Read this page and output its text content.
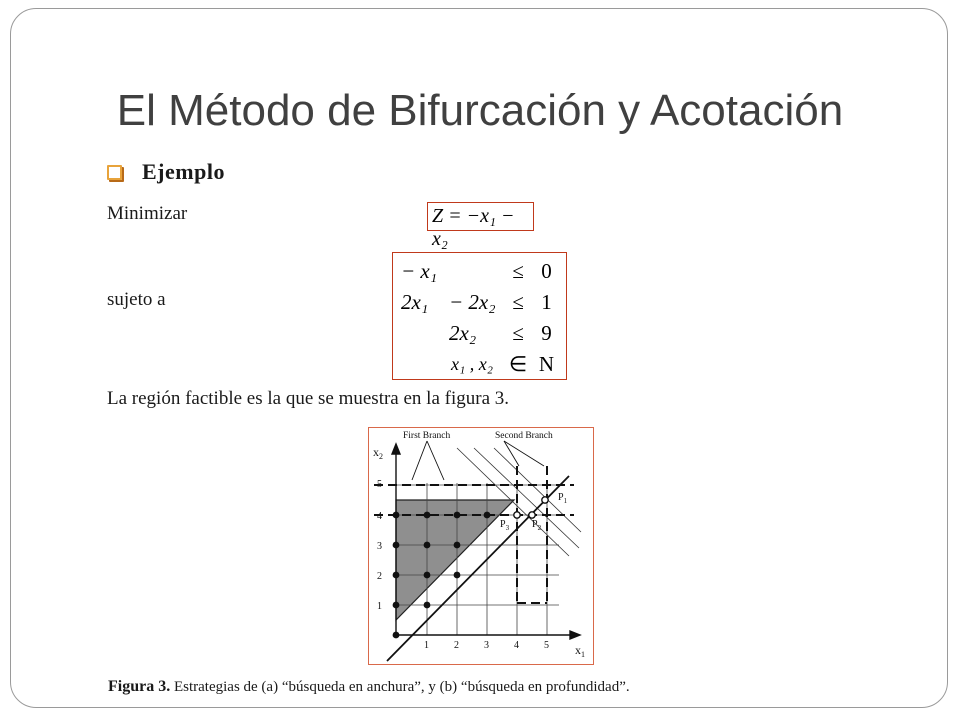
El Método de Bifurcación y Acotación
Ejemplo
Minimizar	Z = −x₁ − x₂
sujeto a
− x₁		≤	0
2x₁	− 2x₂	≤	1
	2x₂	≤	9
x₁ , x₂		∈	N
La región factible es la que se muestra en la figura 3.
First Branch	Second Branch
$x_2$
$x_1$
1
2
3
4
5
1	2	3	4	5
$P_1$
$P_2$
$P_3$
Figura 3. Estrategias de (a) “búsqueda en anchura”, y (b) “búsqueda en profundidad”.
